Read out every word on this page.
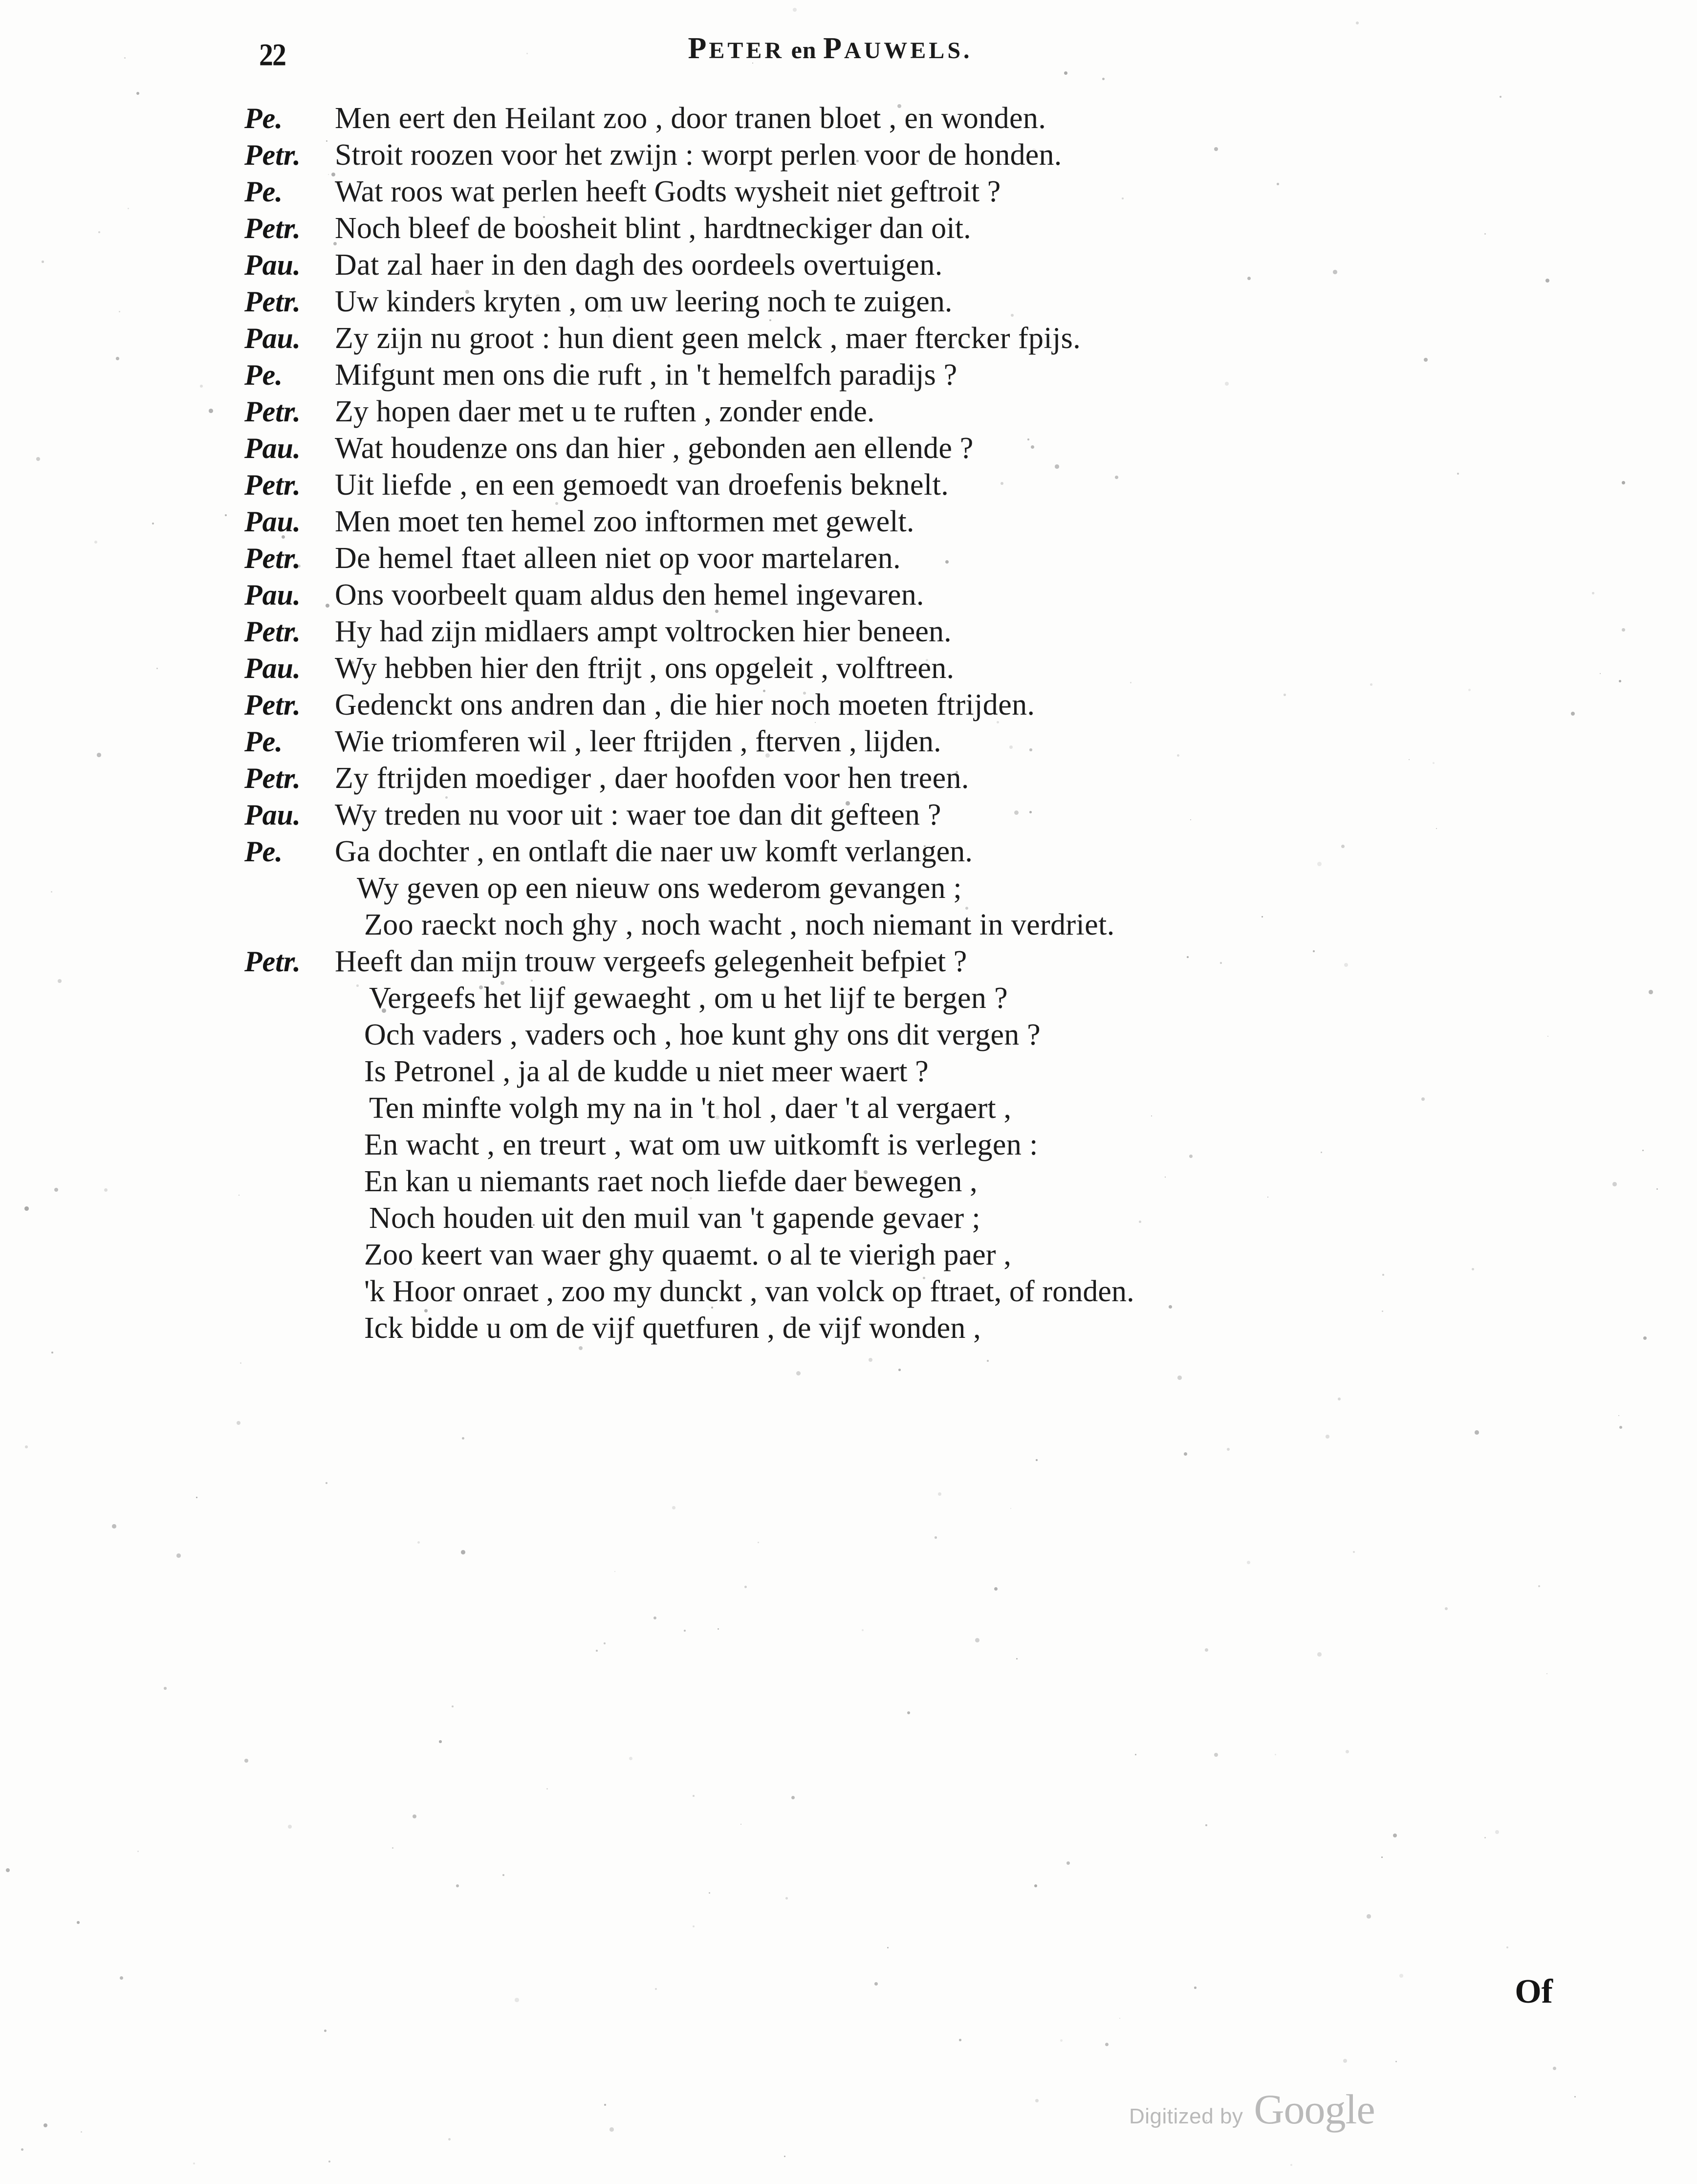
22	PETER en PAUWELS.
Pe.	Men eert den Heilant zoo , door tranen bloet , en wonden.
Petr.	Stroit roozen voor het zwijn : worpt perlen voor de honden.
Pe.	Wat roos wat perlen heeft Godts wysheit niet geftroit ?
Petr.	Noch bleef de boosheit blint , hardtneckiger dan oit.
Pau.	Dat zal haer in den dagh des oordeels overtuigen.
Petr.	Uw kinders kryten , om uw leering noch te zuigen.
Pau.	Zy zijn nu groot : hun dient geen melck , maer ftercker fpijs.
Pe.	Mifgunt men ons die ruft , in 't hemelfch paradijs ?
Petr.	Zy hopen daer met u te ruften , zonder ende.
Pau.	Wat houdenze ons dan hier , gebonden aen ellende ?
Petr.	Uit liefde , en een gemoedt van droefenis beknelt.
Pau.	Men moet ten hemel zoo inftormen met gewelt.
Petr.	De hemel ftaet alleen niet op voor martelaren.
Pau.	Ons voorbeelt quam aldus den hemel ingevaren.
Petr.	Hy had zijn midlaers ampt voltrocken hier beneen.
Pau.	Wy hebben hier den ftrijt , ons opgeleit , volftreen.
Petr.	Gedenckt ons andren dan , die hier noch moeten ftrijden.
Pe.	Wie triomferen wil , leer ftrijden , fterven , lijden.
Petr.	Zy ftrijden moediger , daer hoofden voor hen treen.
Pau.	Wy treden nu voor uit : waer toe dan dit gefteen ?
Pe.	Ga dochter , en ontlaft die naer uw komft verlangen.
Wy geven op een nieuw ons wederom gevangen ;
Zoo raeckt noch ghy , noch wacht , noch niemant in verdriet.
Petr.	Heeft dan mijn trouw vergeefs gelegenheit befpiet ?
Vergeefs het lijf gewaeght , om u het lijf te bergen ?
Och vaders , vaders och , hoe kunt ghy ons dit vergen ?
Is Petronel , ja al de kudde u niet meer waert ?
Ten minfte volgh my na in 't hol , daer 't al vergaert ,
En wacht , en treurt , wat om uw uitkomft is verlegen :
En kan u niemants raet noch liefde daer bewegen ,
Noch houden uit den muil van 't gapende gevaer ;
Zoo keert van waer ghy quaemt. o al te vierigh paer ,
'k Hoor onraet , zoo my dunckt , van volck op ftraet, of ronden.
Ick bidde u om de vijf quetfuren , de vijf wonden ,
Of
Digitized by Google
